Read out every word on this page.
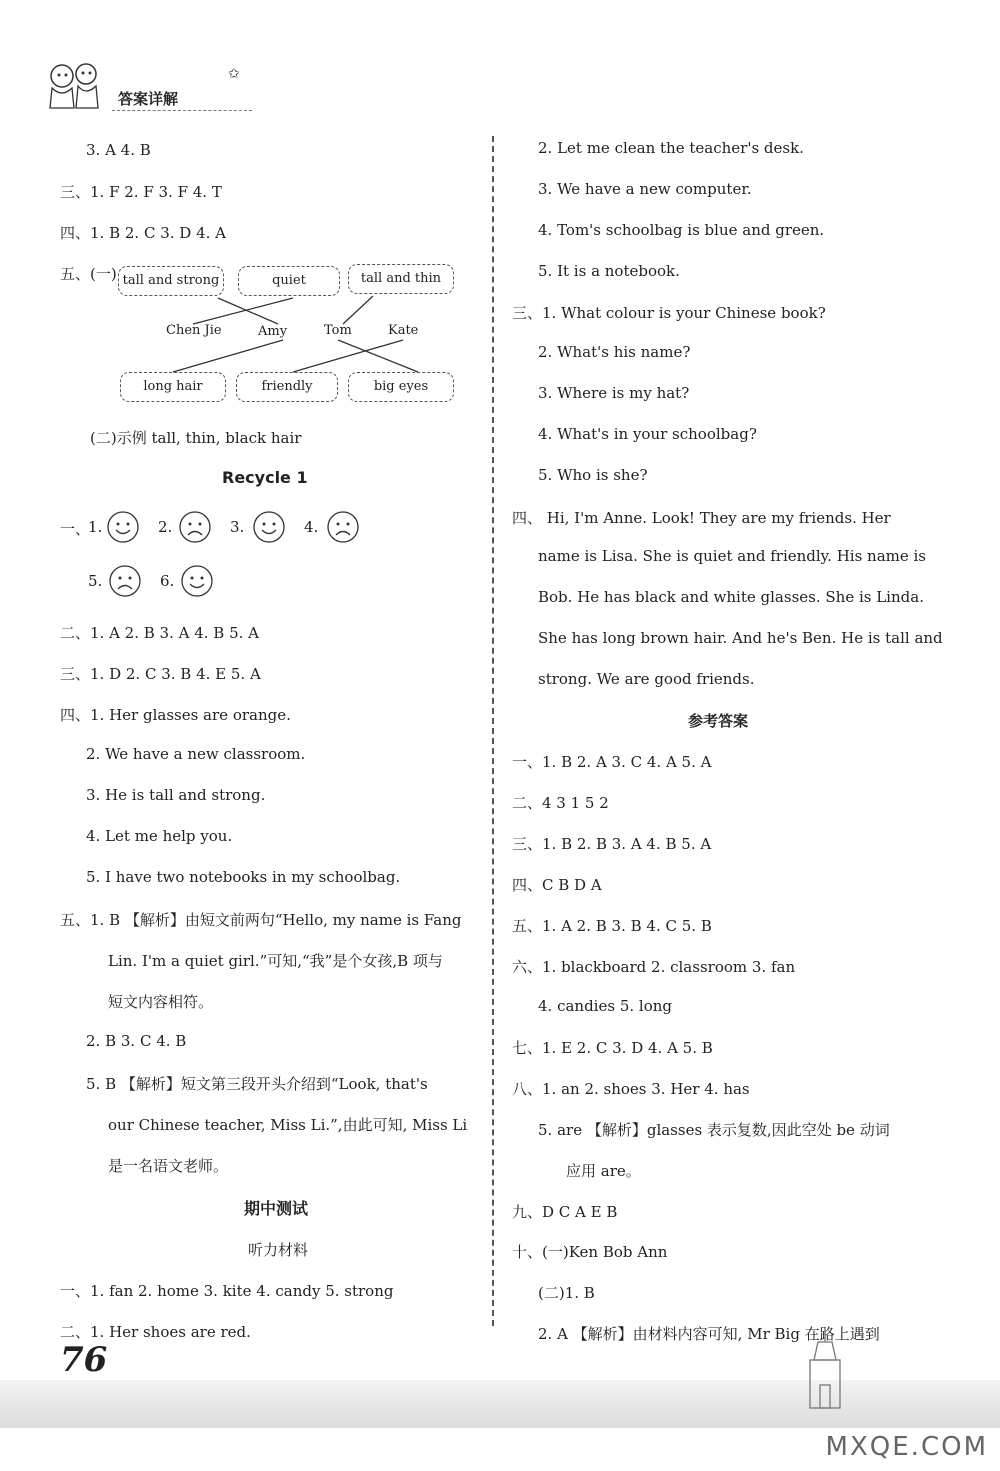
答案详解
✩
3. A 4. B
三、1. F 2. F 3. F 4. T
四、1. B 2. C 3. D 4. A
五、(一) tall and strong	quiet	tall and thin
Chen Jie	Amy	Tom	Kate
long hair	friendly	big eyes
(二)示例 tall, thin, black hair
Recycle 1
一、
1.	2.	3.	4.
5.	6.
二、1. A 2. B 3. A 4. B 5. A
三、1. D 2. C 3. B 4. E 5. A
四、1. Her glasses are orange.
2. We have a new classroom.
3. He is tall and strong.
4. Let me help you.
5. I have two notebooks in my schoolbag.
五、1. B 【解析】由短文前两句“Hello, my name is Fang
Lin. I'm a quiet girl.”可知,“我”是个女孩,B 项与
短文内容相符。
2. B 3. C 4. B
5. B 【解析】短文第三段开头介绍到“Look, that's
our Chinese teacher, Miss Li.”,由此可知, Miss Li
是一名语文老师。
期中测试
听力材料
一、1. fan 2. home 3. kite 4. candy 5. strong
二、1. Her shoes are red.
2. Let me clean the teacher's desk.
3. We have a new computer.
4. Tom's schoolbag is blue and green.
5. It is a notebook.
三、1. What colour is your Chinese book?
2. What's his name?
3. Where is my hat?
4. What's in your schoolbag?
5. Who is she?
四、 Hi, I'm Anne. Look! They are my friends. Her
name is Lisa. She is quiet and friendly. His name is
Bob. He has black and white glasses. She is Linda.
She has long brown hair. And he's Ben. He is tall and
strong. We are good friends.
参考答案
一、1. B 2. A 3. C 4. A 5. A
二、4 3 1 5 2
三、1. B 2. B 3. A 4. B 5. A
四、C B D A
五、1. A 2. B 3. B 4. C 5. B
六、1. blackboard 2. classroom 3. fan
4. candies 5. long
七、1. E 2. C 3. D 4. A 5. B
八、1. an 2. shoes 3. Her 4. has
5. are 【解析】glasses 表示复数,因此空处 be 动词
应用 are。
九、D C A E B
十、(一)Ken Bob Ann
(二)1. B
2. A 【解析】由材料内容可知, Mr Big 在路上遇到
76
MXQE.COM
